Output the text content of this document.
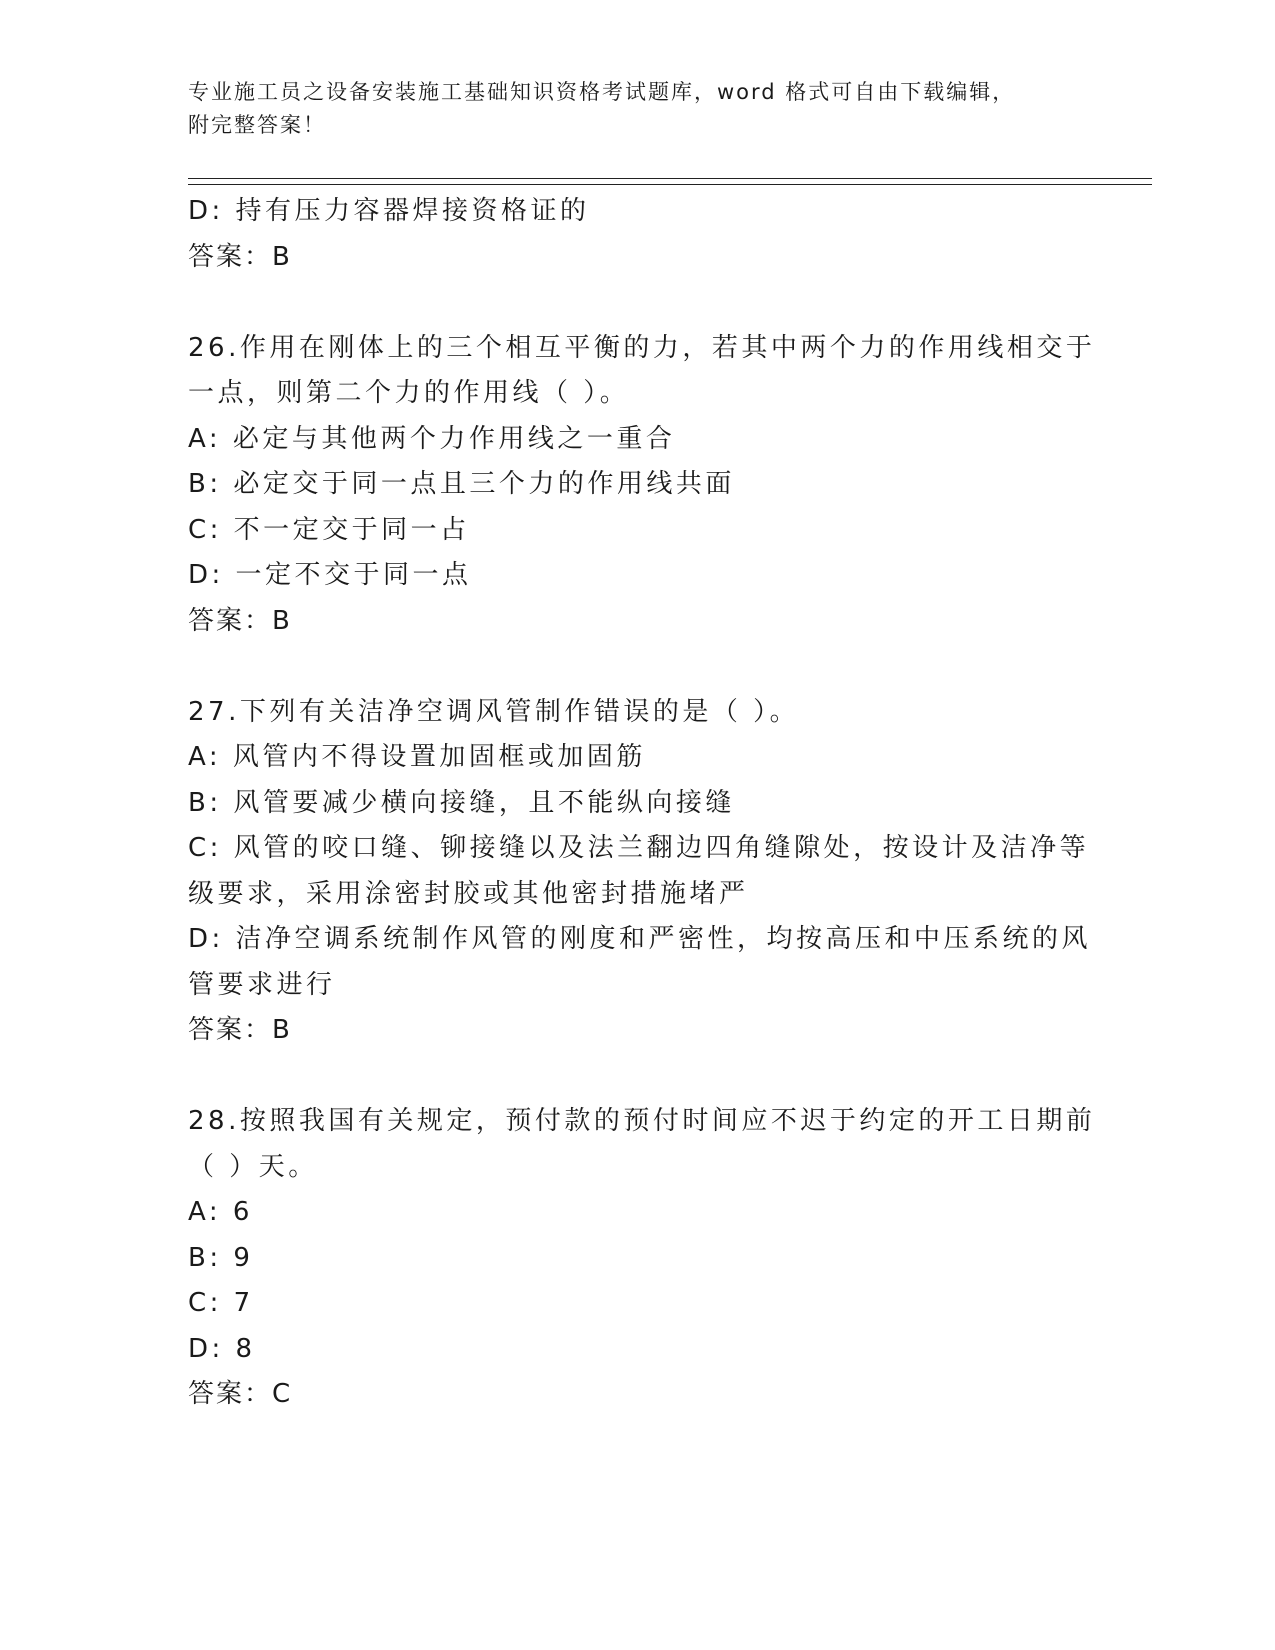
专业施工员之设备安装施工基础知识资格考试题库，word 格式可自由下载编辑，
附完整答案！
D: 持有压力容器焊接资格证的
答案：B
26.作用在刚体上的三个相互平衡的力，若其中两个力的作用线相交于
一点，则第二个力的作用线（ ）。
A: 必定与其他两个力作用线之一重合
B: 必定交于同一点且三个力的作用线共面
C: 不一定交于同一占
D: 一定不交于同一点
答案：B
27.下列有关洁净空调风管制作错误的是（ ）。
A: 风管内不得设置加固框或加固筋
B: 风管要减少横向接缝，且不能纵向接缝
C: 风管的咬口缝、铆接缝以及法兰翻边四角缝隙处，按设计及洁净等
级要求，采用涂密封胶或其他密封措施堵严
D: 洁净空调系统制作风管的刚度和严密性，均按高压和中压系统的风
管要求进行
答案：B
28.按照我国有关规定，预付款的预付时间应不迟于约定的开工日期前
（ ）天。
A: 6
B: 9
C: 7
D: 8
答案：C
